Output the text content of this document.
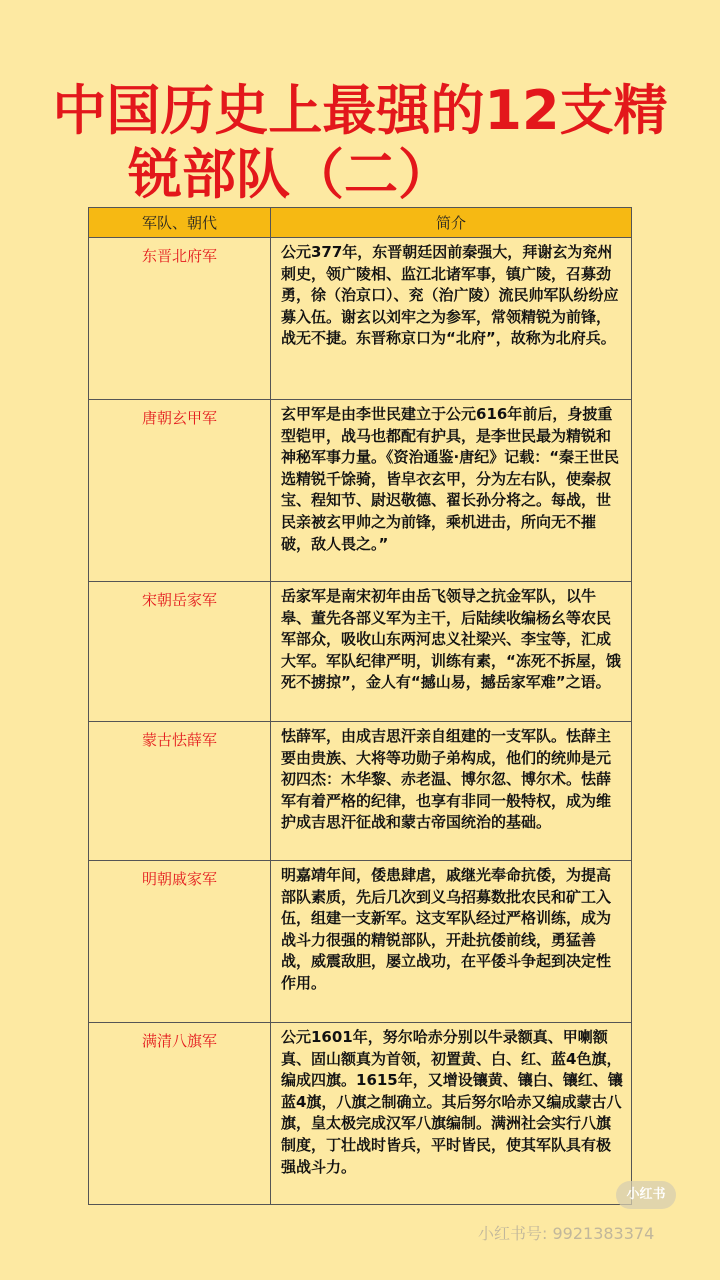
中国历史上最强的12支精
锐部队（二）
军队、朝代	简介
东晋北府军	公元377年，东晋朝廷因前秦强大，拜谢玄为兖州刺史，领广陵相、监江北诸军事，镇广陵，召募劲勇，徐（治京口）、兖（治广陵）流民帅军队纷纷应募入伍。谢玄以刘牢之为参军，常领精锐为前锋，战无不捷。东晋称京口为“北府”，故称为北府兵。
唐朝玄甲军	玄甲军是由李世民建立于公元616年前后，身披重型铠甲，战马也都配有护具，是李世民最为精锐和神秘军事力量。《资治通鉴·唐纪》记载：“秦王世民选精锐千馀骑，皆皁衣玄甲，分为左右队，使秦叔宝、程知节、尉迟敬德、翟长孙分将之。每战，世民亲被玄甲帅之为前锋，乘机进击，所向无不摧破，敌人畏之。”
宋朝岳家军	岳家军是南宋初年由岳飞领导之抗金军队，以牛皋、董先各部义军为主干，后陆续收编杨幺等农民军部众，吸收山东两河忠义社梁兴、李宝等，汇成大军。军队纪律严明，训练有素，“冻死不拆屋，饿死不掳掠”，金人有“撼山易，撼岳家军难”之语。
蒙古怯薛军	怯薛军，由成吉思汗亲自组建的一支军队。怯薛主要由贵族、大将等功勋子弟构成，他们的统帅是元初四杰：木华黎、赤老温、博尔忽、博尔术。怯薛军有着严格的纪律，也享有非同一般特权，成为维护成吉思汗征战和蒙古帝国统治的基础。
明朝戚家军	明嘉靖年间，倭患肆虐，戚继光奉命抗倭，为提高部队素质，先后几次到义乌招募数批农民和矿工入伍，组建一支新军。这支军队经过严格训练，成为战斗力很强的精锐部队，开赴抗倭前线，勇猛善战，威震敌胆，屡立战功，在平倭斗争起到决定性作用。
满清八旗军	公元1601年，努尔哈赤分别以牛录额真、甲喇额真、固山额真为首领，初置黄、白、红、蓝4色旗，编成四旗。1615年，又增设镶黄、镶白、镶红、镶蓝4旗，八旗之制确立。其后努尔哈赤又编成蒙古八旗，皇太极完成汉军八旗编制。满洲社会实行八旗制度，丁壮战时皆兵，平时皆民，使其军队具有极强战斗力。
小红书
小红书号: 9921383374
